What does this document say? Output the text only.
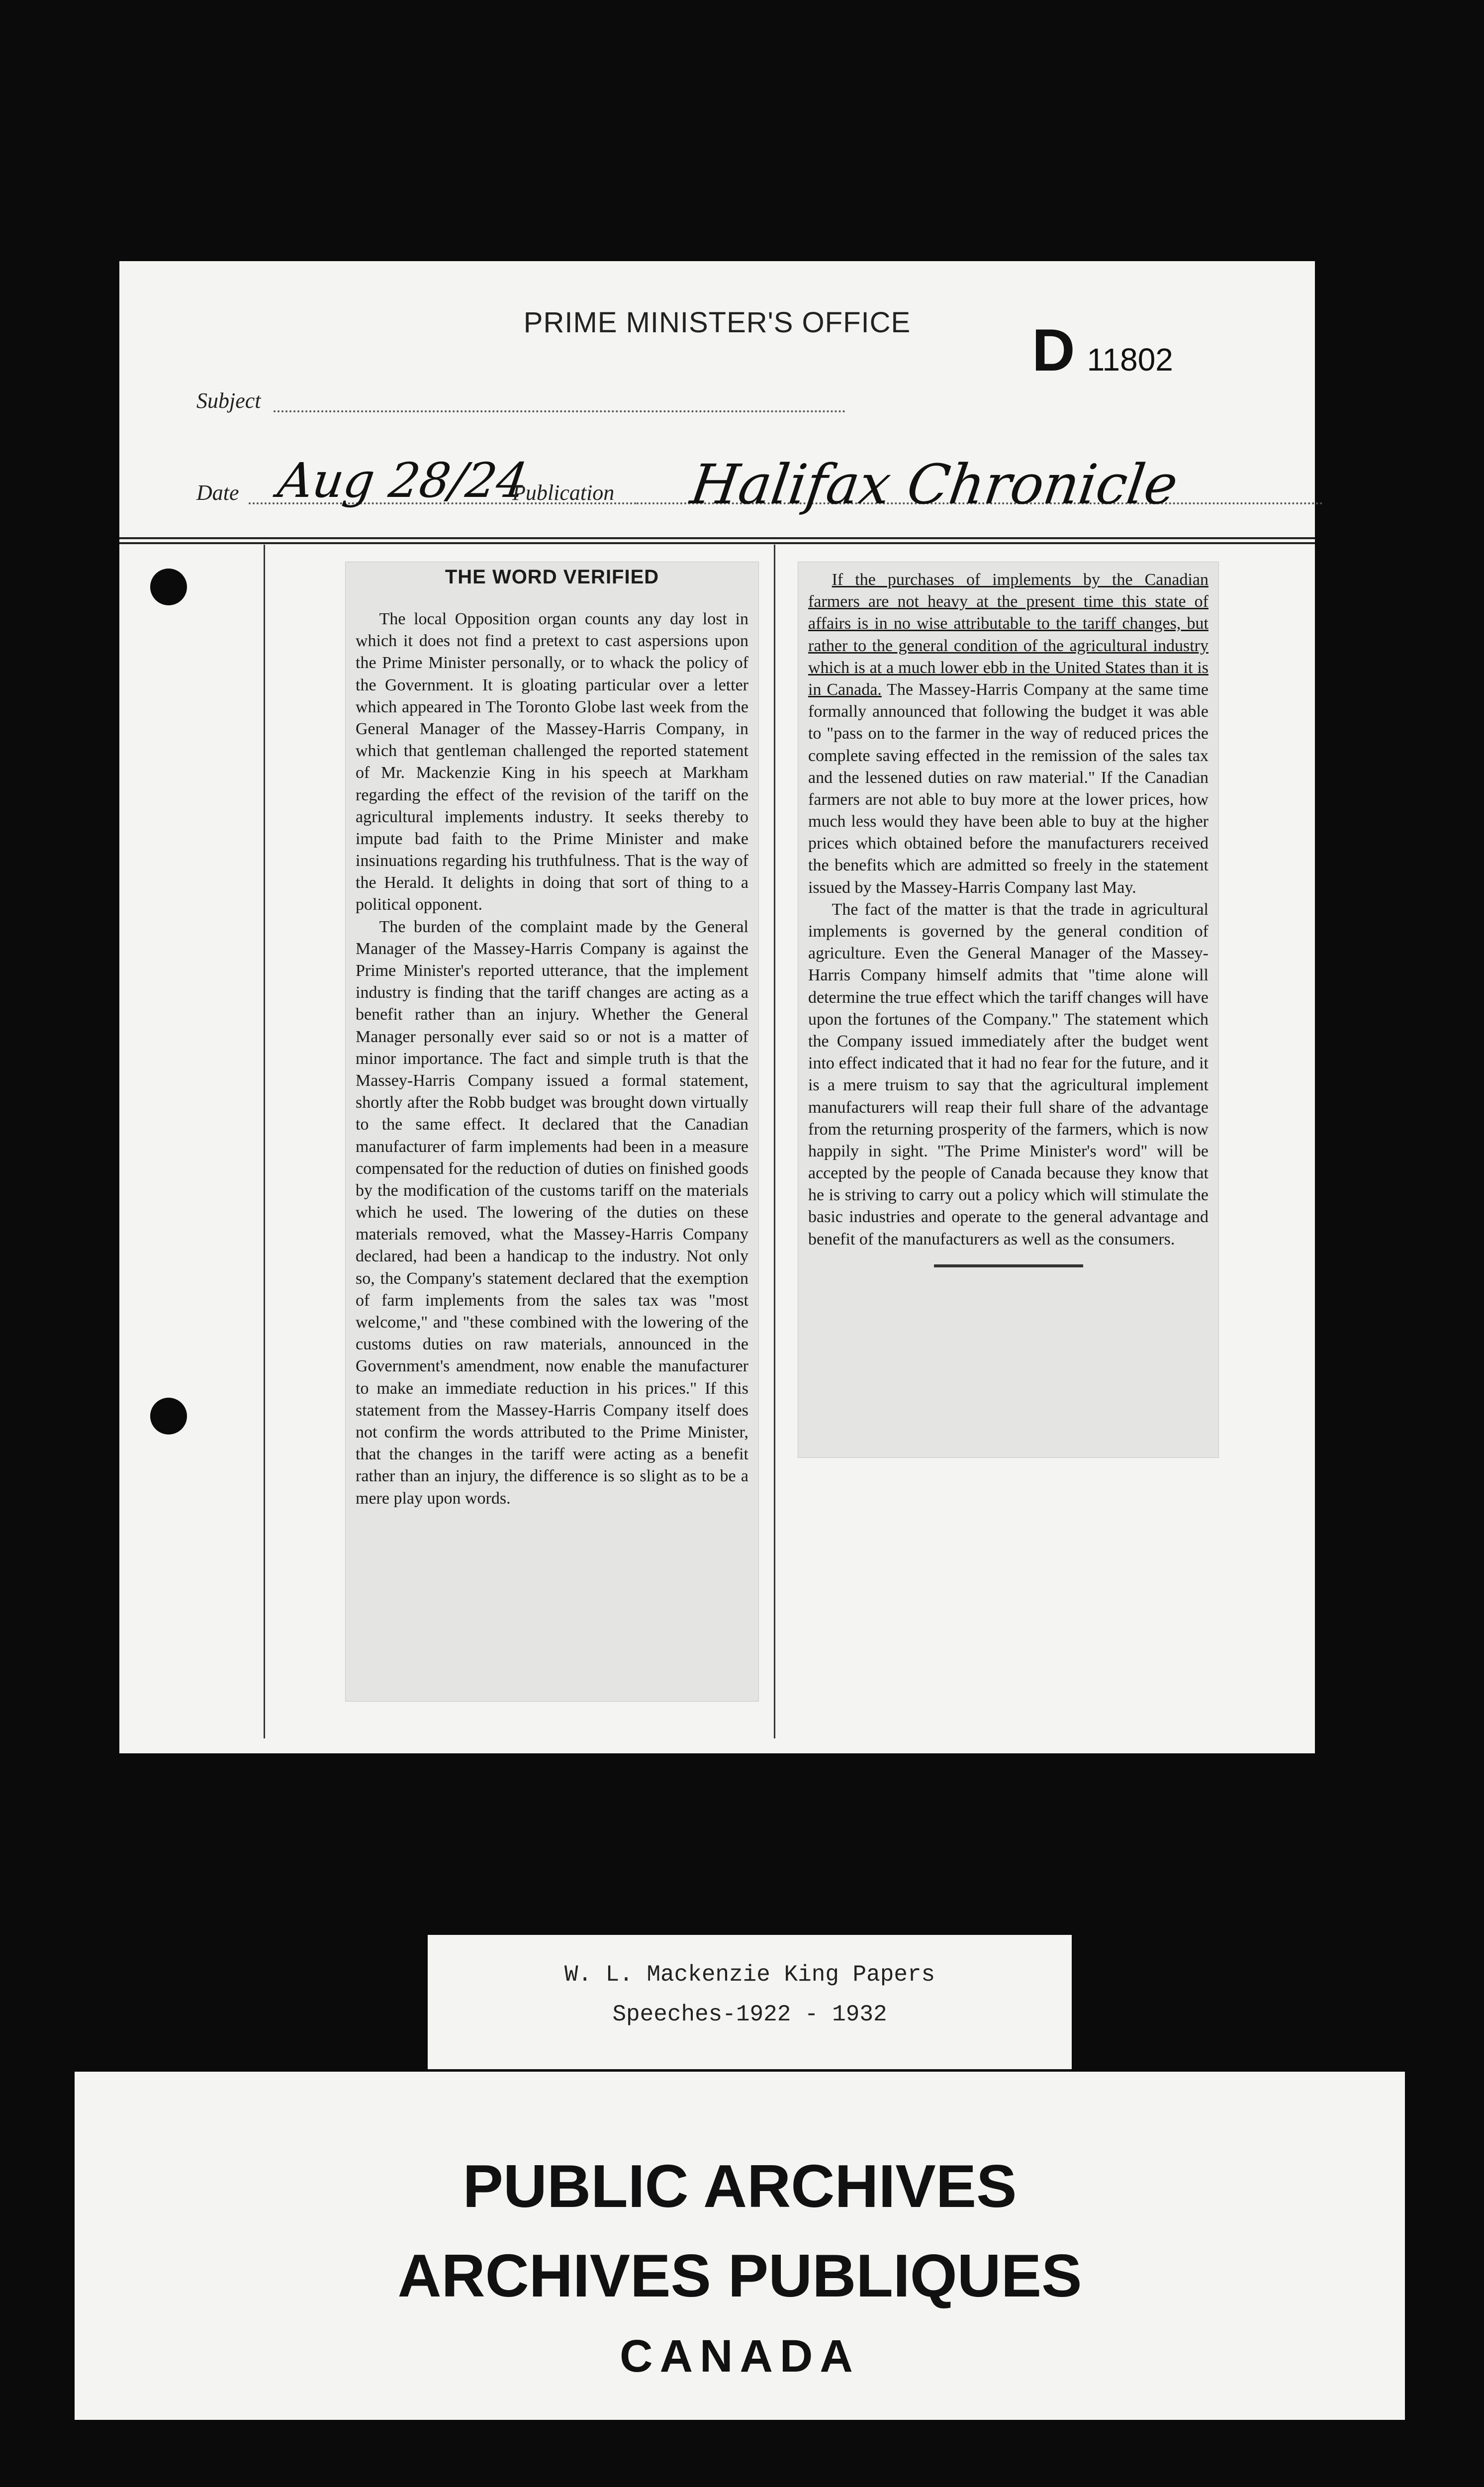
PRIME MINISTER'S OFFICE	D 11802
Subject
Date Aug 28/24
Publication Halifax Chronicle
THE WORD VERIFIED

The local Opposition organ counts any day lost in which it does not find a pretext to cast aspersions upon the Prime Minister personally, or to whack the policy of the Government. It is gloating particular over a letter which appeared in The Toronto Globe last week from the General Manager of the Massey-Harris Company, in which that gentleman challenged the reported statement of Mr. Mackenzie King in his speech at Markham regarding the effect of the revision of the tariff on the agricultural implements industry. It seeks thereby to impute bad faith to the Prime Minister and make insinuations regarding his truthfulness. That is the way of the Herald. It delights in doing that sort of thing to a political opponent.

The burden of the complaint made by the General Manager of the Massey-Harris Company is against the Prime Minister's reported utterance, that the implement industry is finding that the tariff changes are acting as a benefit rather than an injury. Whether the General Manager personally ever said so or not is a matter of minor importance. The fact and simple truth is that the Massey-Harris Company issued a formal statement, shortly after the Robb budget was brought down virtually to the same effect. It declared that the Canadian manufacturer of farm implements had been in a measure compensated for the reduction of duties on finished goods by the modification of the customs tariff on the materials which he used. The lowering of the duties on these materials removed, what the Massey-Harris Company declared, had been a handicap to the industry. Not only so, the Company's statement declared that the exemption of farm implements from the sales tax was "most welcome," and "these combined with the lowering of the customs duties on raw materials, announced in the Government's amendment, now enable the manufacturer to make an immediate reduction in his prices." If this statement from the Massey-Harris Company itself does not confirm the words attributed to the Prime Minister, that the changes in the tariff were acting as a benefit rather than an injury, the difference is so slight as to be a mere play upon words.

If the purchases of implements by the Canadian farmers are not heavy at the present time this state of affairs is in no wise attributable to the tariff changes, but rather to the general condition of the agricultural industry which is at a much lower ebb in the United States than it is in Canada. The Massey-Harris Company at the same time formally announced that following the budget it was able to "pass on to the farmer in the way of reduced prices the complete saving effected in the remission of the sales tax and the lessened duties on raw material." If the Canadian farmers are not able to buy more at the lower prices, how much less would they have been able to buy at the higher prices which obtained before the manufacturers received the benefits which are admitted so freely in the statement issued by the Massey-Harris Company last May.

The fact of the matter is that the trade in agricultural implements is governed by the general condition of agriculture. Even the General Manager of the Massey-Harris Company himself admits that "time alone will determine the true effect which the tariff changes will have upon the fortunes of the Company." The statement which the Company issued immediately after the budget went into effect indicated that it had no fear for the future, and it is a mere truism to say that the agricultural implement manufacturers will reap their full share of the advantage from the returning prosperity of the farmers, which is now happily in sight. "The Prime Minister's word" will be accepted by the people of Canada because they know that he is striving to carry out a policy which will stimulate the basic industries and operate to the general advantage and benefit of the manufacturers as well as the consumers.

W. L. Mackenzie King Papers
Speeches-1922 - 1932
PUBLIC ARCHIVES
ARCHIVES PUBLIQUES
CANADA
